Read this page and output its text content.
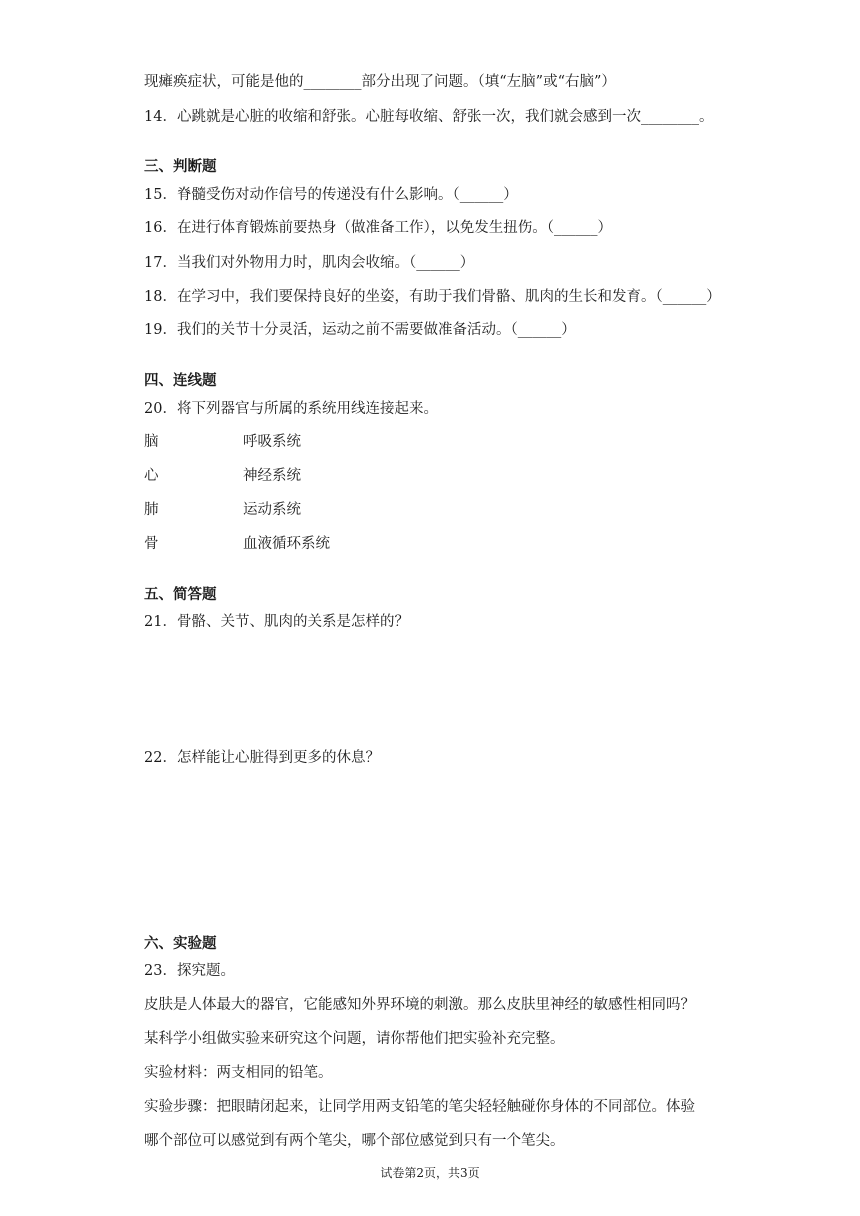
现瘫痪症状，可能是他的________部分出现了问题。（填“左脑”或“右脑”）
14．心跳就是心脏的收缩和舒张。心脏每收缩、舒张一次，我们就会感到一次________。
三、判断题
15．脊髓受伤对动作信号的传递没有什么影响。（______）
16．在进行体育锻炼前要热身（做准备工作），以免发生扭伤。（______）
17．当我们对外物用力时，肌肉会收缩。（______）
18．在学习中，我们要保持良好的坐姿，有助于我们骨骼、肌肉的生长和发育。（______）
19．我们的关节十分灵活，运动之前不需要做准备活动。（______）
四、连线题
20．将下列器官与所属的系统用线连接起来。
脑	呼吸系统
心	神经系统
肺	运动系统
骨	血液循环系统
五、简答题
21．骨骼、关节、肌肉的关系是怎样的？
22．怎样能让心脏得到更多的休息？
六、实验题
23．探究题。
皮肤是人体最大的器官，它能感知外界环境的刺激。那么皮肤里神经的敏感性相同吗？
某科学小组做实验来研究这个问题，请你帮他们把实验补充完整。
实验材料：两支相同的铅笔。
实验步骤：把眼睛闭起来，让同学用两支铅笔的笔尖轻轻触碰你身体的不同部位。体验
哪个部位可以感觉到有两个笔尖，哪个部位感觉到只有一个笔尖。
试卷第2页，共3页
